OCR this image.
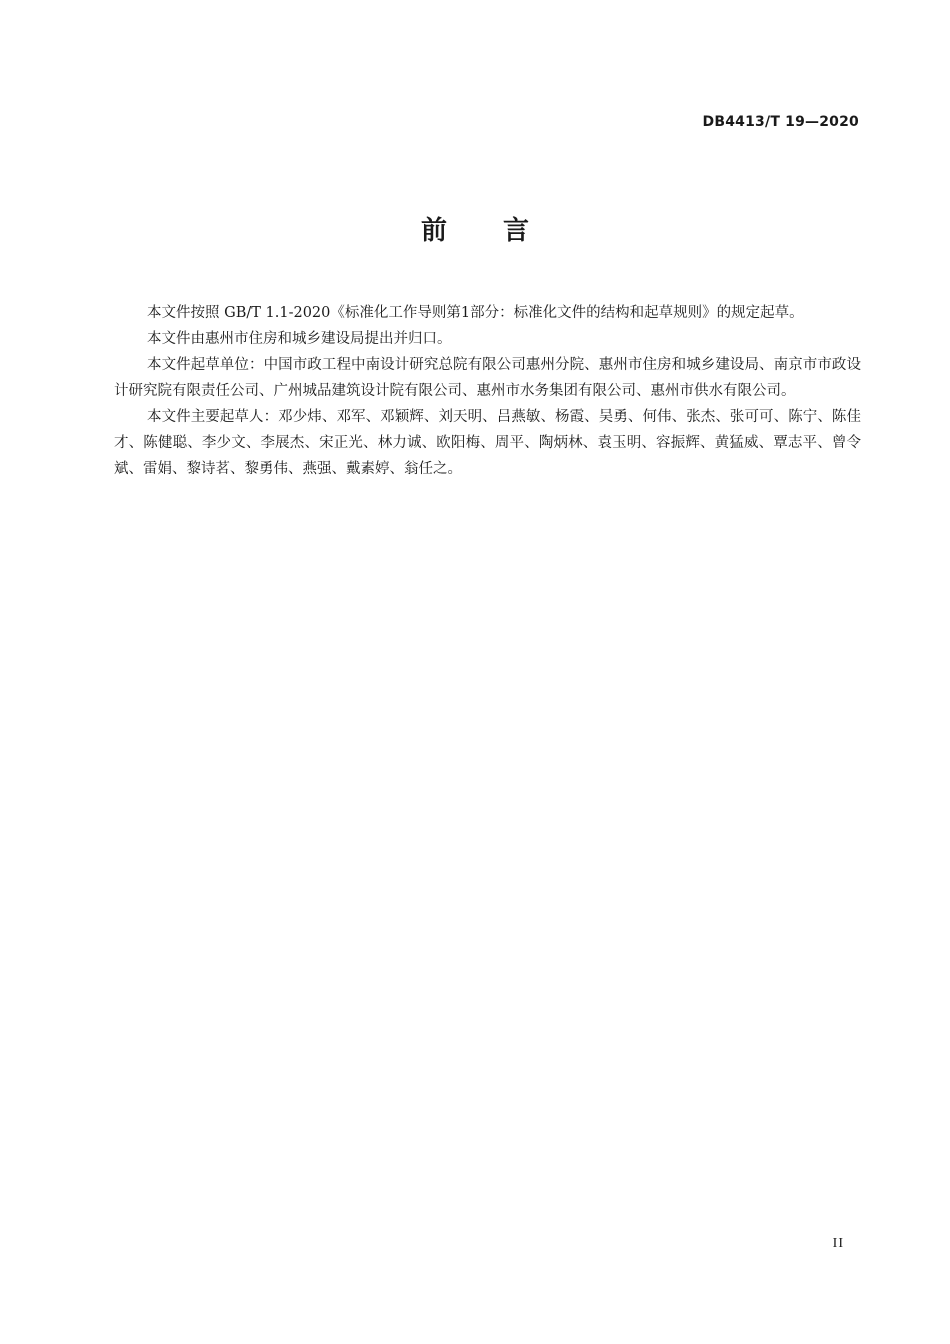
DB4413/T 19—2020
前言

本文件按照 GB/T 1.1-2020《标准化工作导则第1部分：标准化文件的结构和起草规则》的规定起草。

本文件由惠州市住房和城乡建设局提出并归口。

本文件起草单位：中国市政工程中南设计研究总院有限公司惠州分院、惠州市住房和城乡建设局、南京市市政设计研究院有限责任公司、广州城品建筑设计院有限公司、惠州市水务集团有限公司、惠州市供水有限公司。

本文件主要起草人：邓少炜、邓军、邓颖辉、刘天明、吕燕敏、杨霞、吴勇、何伟、张杰、张可可、陈宁、陈佳才、陈健聪、李少文、李展杰、宋正光、林力诚、欧阳梅、周平、陶炳林、袁玉明、容振辉、黄猛威、覃志平、曾令斌、雷娟、黎诗茗、黎勇伟、燕强、戴素婷、翁任之。

II
